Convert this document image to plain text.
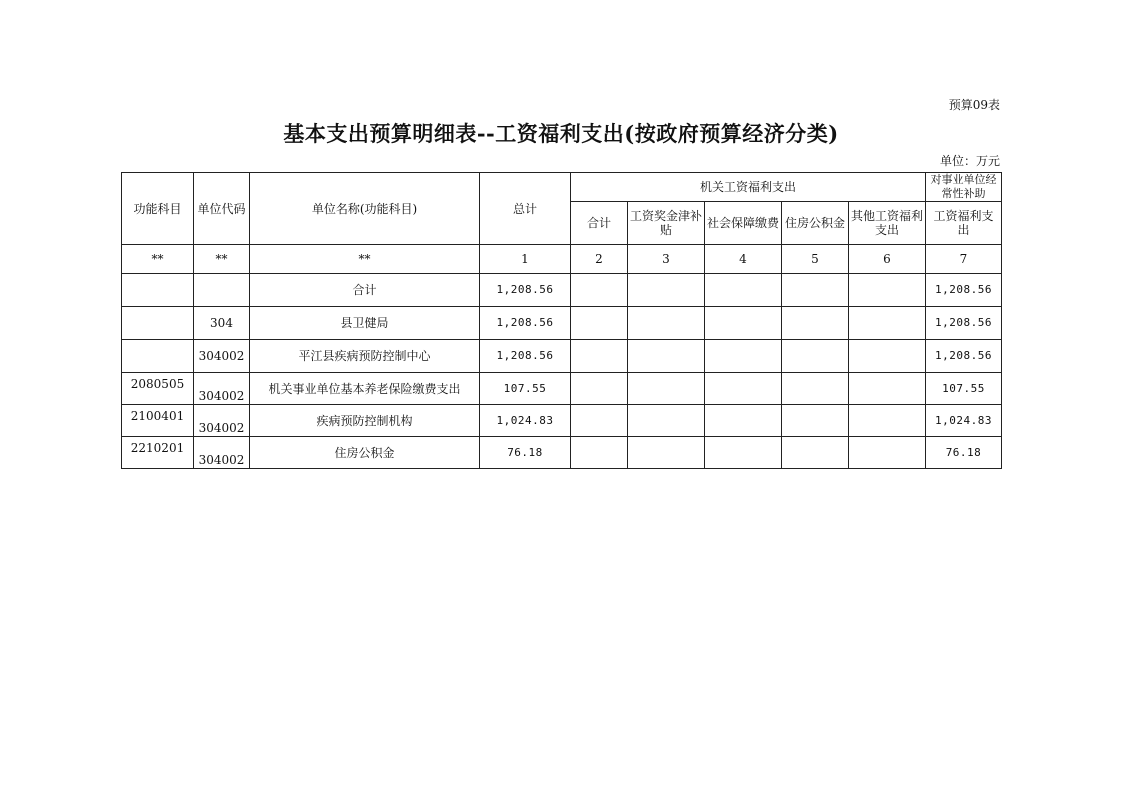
预算09表
基本支出预算明细表--工资福利支出(按政府预算经济分类)
单位：万元
功能科目	单位代码	单位名称(功能科目)	总计	机关工资福利支出					对事业单位经常性补助
				合计	工资奖金津补贴	社会保障缴费	住房公积金	其他工资福利支出	工资福利支出
**	**	**	1	2	3	4	5	6	7
		合计	1,208.56						1,208.56
	304	县卫健局	1,208.56						1,208.56
	304002	平江县疾病预防控制中心	1,208.56						1,208.56
2080505	304002	机关事业单位基本养老保险缴费支出	107.55						107.55
2100401	304002	疾病预防控制机构	1,024.83						1,024.83
2210201	304002	住房公积金	76.18						76.18
